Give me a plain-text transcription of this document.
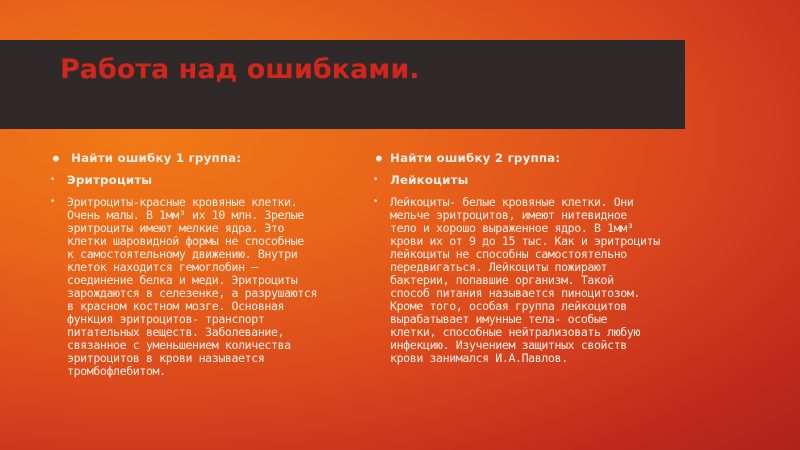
Работа над ошибками.
• Найти ошибку 1 группа:
• Эритроциты
• Эритроциты-красные кровяные клетки.
Очень малы. В 1мм³ их 10 млн. Зрелые
эритроциты имеют мелкие ядра. Это
клетки шаровидной формы не способные
к самостоятельному движению. Внутри
клеток находится гемоглобин –
соединение белка и меди. Эритроциты
зарождаются в селезенке, а разрушаются
в красном костном мозге. Основная
функция эритроцитов- транспорт
питательных веществ. Заболевание,
связанное с уменьшением количества
эритроцитов в крови называется
тромбофлебитом.
• Найти ошибку 2 группа:
• Лейкоциты
• Лейкоциты- белые кровяные клетки. Они
мельче эритроцитов, имеют нитевидное
тело и хорошо выраженное ядро. В 1мм³
крови их от 9 до 15 тыс. Как и эритроциты
лейкоциты не способны самостоятельно
передвигаться. Лейкоциты пожирают
бактерии, попавшие организм. Такой
способ питания называется пиноцитозом.
Кроме того, особая группа лейкоцитов
вырабатывает имунные тела- особые
клетки, способные нейтрализовать любую
инфекцию. Изучением защитных свойств
крови занимался И.А.Павлов.
